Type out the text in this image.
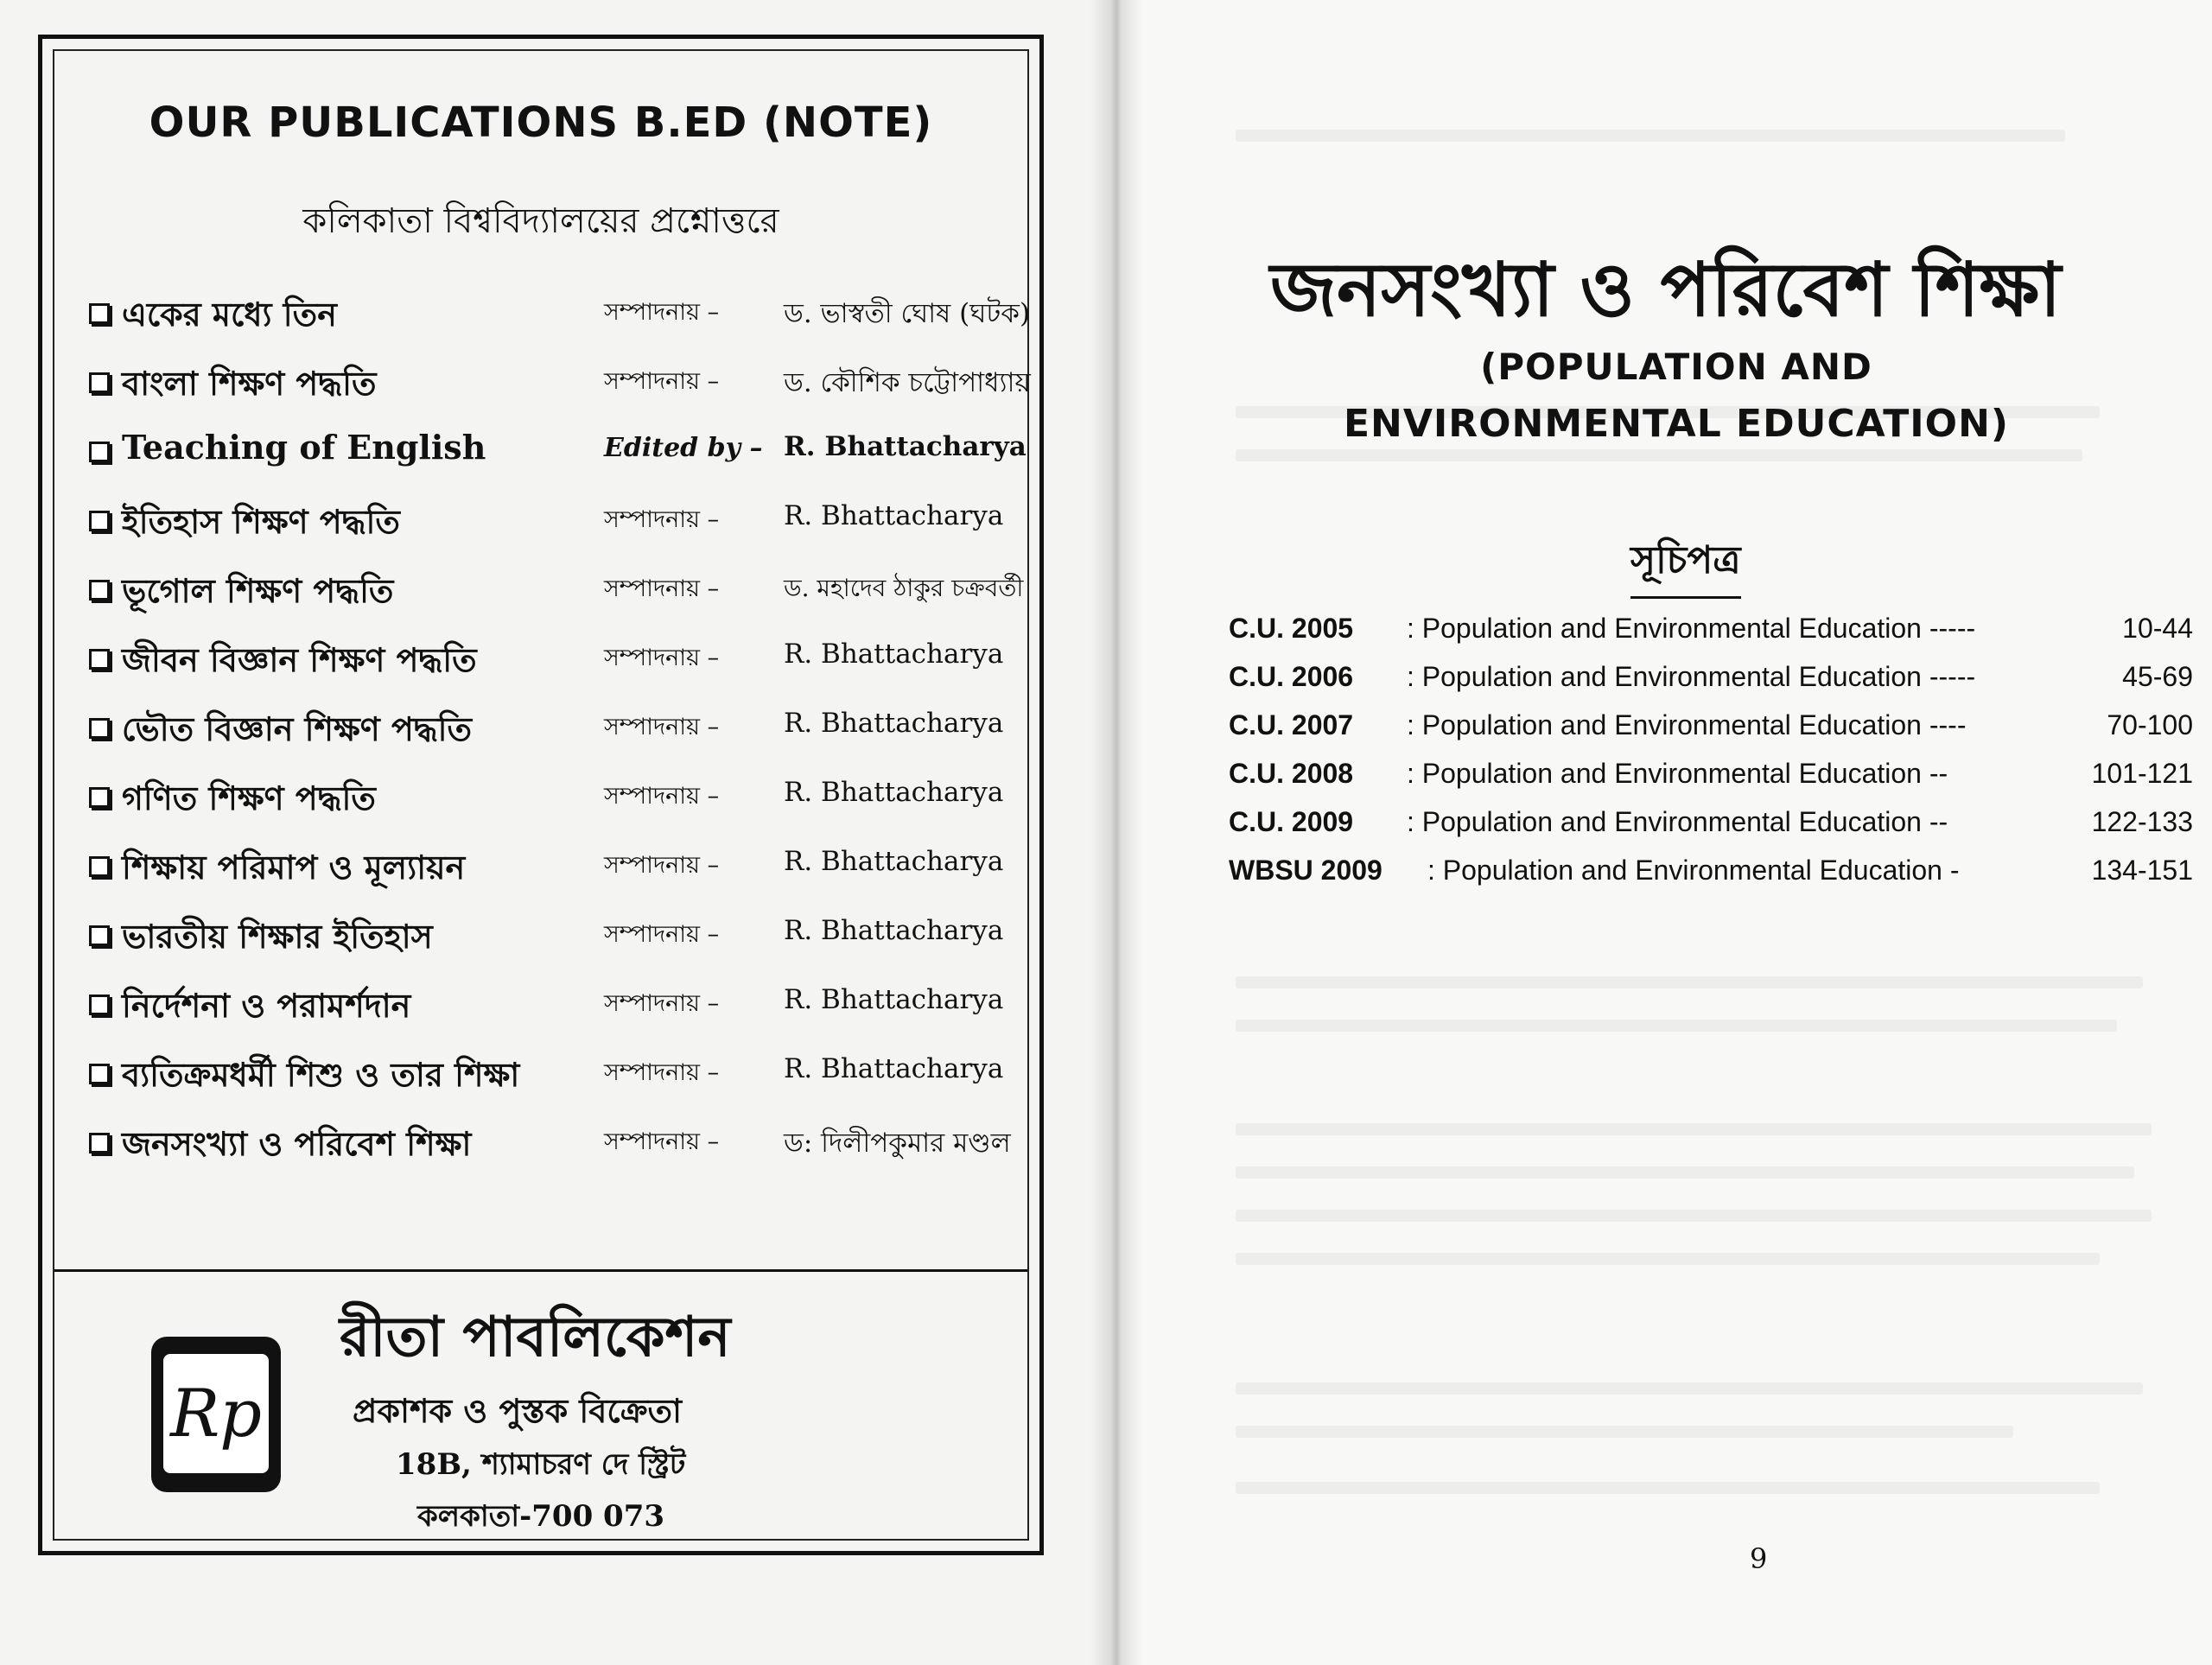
OUR PUBLICATIONS B.ED (NOTE)
কলিকাতা বিশ্ববিদ্যালয়ের প্রশ্নোত্তরে
একের মধ্যে তিন	সম্পাদনায় – ড. ভাস্বতী ঘোষ (ঘটক)
বাংলা শিক্ষণ পদ্ধতি	সম্পাদনায় – ড. কৌশিক চট্টোপাধ্যায়
Teaching of English	Edited by – R. Bhattacharya
ইতিহাস শিক্ষণ পদ্ধতি	সম্পাদনায় – R. Bhattacharya
ভূগোল শিক্ষণ পদ্ধতি	সম্পাদনায় –	ড. মহাদেব ঠাকুর চক্রবর্তী
জীবন বিজ্ঞান শিক্ষণ পদ্ধতি	সম্পাদনায় – R. Bhattacharya
ভৌত বিজ্ঞান শিক্ষণ পদ্ধতি	সম্পাদনায় – R. Bhattacharya
গণিত শিক্ষণ পদ্ধতি	সম্পাদনায় – R. Bhattacharya
শিক্ষায় পরিমাপ ও মূল্যায়ন	সম্পাদনায় – R. Bhattacharya
ভারতীয় শিক্ষার ইতিহাস	সম্পাদনায় – R. Bhattacharya
নির্দেশনা ও পরামর্শদান	সম্পাদনায় – R. Bhattacharya
ব্যতিক্রমধর্মী শিশু ও তার শিক্ষা	সম্পাদনায় – R. Bhattacharya
জনসংখ্যা ও পরিবেশ শিক্ষা	সম্পাদনায় – ড: দিলীপকুমার মণ্ডল
Rp
রীতা পাবলিকেশন
প্রকাশক ও পুস্তক বিক্রেতা
18B, শ্যামাচরণ দে স্ট্রিট
কলকাতা-700 073
জনসংখ্যা ও পরিবেশ শিক্ষা
(POPULATION AND
ENVIRONMENTAL EDUCATION)
সূচিপত্র
C.U. 2005 : Population and Environmental Education -----	10-44
C.U. 2006 : Population and Environmental Education -----	45-69
C.U. 2007 : Population and Environmental Education ----	70-100
C.U. 2008 : Population and Environmental Education --	101-121
C.U. 2009 : Population and Environmental Education --	122-133
WBSU 2009 : Population and Environmental Education -	134-151
9
